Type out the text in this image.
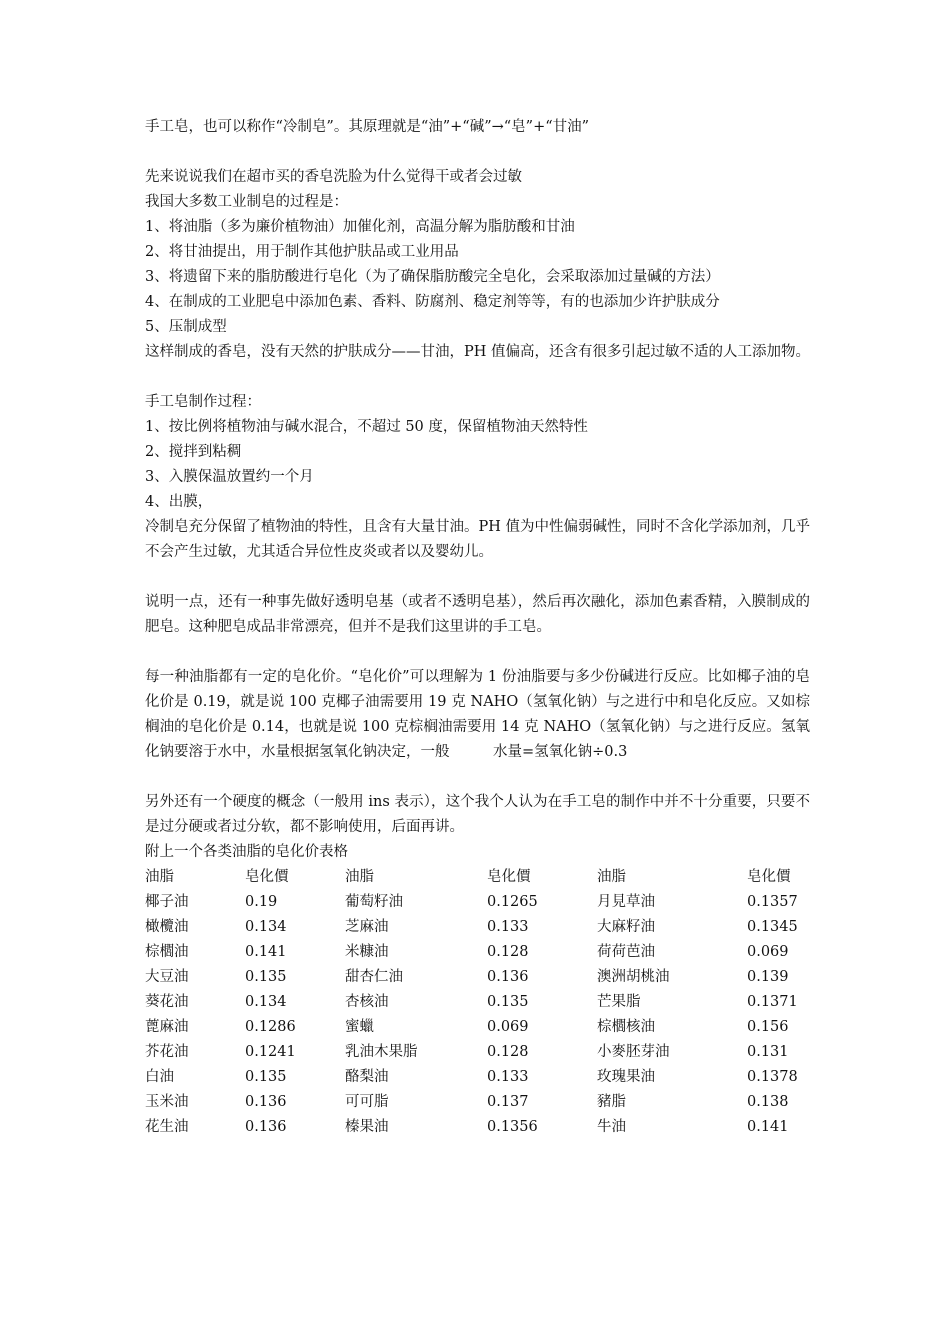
手工皂，也可以称作“冷制皂”。其原理就是“油”+“碱”→“皂”+“甘油”
先来说说我们在超市买的香皂洗脸为什么觉得干或者会过敏
我国大多数工业制皂的过程是：
1、将油脂（多为廉价植物油）加催化剂，高温分解为脂肪酸和甘油
2、将甘油提出，用于制作其他护肤品或工业用品
3、将遗留下来的脂肪酸进行皂化（为了确保脂肪酸完全皂化，会采取添加过量碱的方法）
4、在制成的工业肥皂中添加色素、香料、防腐剂、稳定剂等等，有的也添加少许护肤成分
5、压制成型
这样制成的香皂，没有天然的护肤成分——甘油，PH 值偏高，还含有很多引起过敏不适的人工添加物。
手工皂制作过程：
1、按比例将植物油与碱水混合，不超过 50 度，保留植物油天然特性
2、搅拌到粘稠
3、入膜保温放置约一个月
4、出膜，
冷制皂充分保留了植物油的特性，且含有大量甘油。PH 值为中性偏弱碱性，同时不含化学添加剂，几乎不会产生过敏，尤其适合异位性皮炎或者以及婴幼儿。
说明一点，还有一种事先做好透明皂基（或者不透明皂基），然后再次融化，添加色素香精，入膜制成的肥皂。这种肥皂成品非常漂亮，但并不是我们这里讲的手工皂。
每一种油脂都有一定的皂化价。“皂化价”可以理解为 1 份油脂要与多少份碱进行反应。比如椰子油的皂化价是 0.19，就是说 100 克椰子油需要用 19 克 NAHO（氢氧化钠）与之进行中和皂化反应。又如棕榈油的皂化价是 0.14，也就是说 100 克棕榈油需要用 14 克 NAHO（氢氧化钠）与之进行反应。氢氧化钠要溶于水中，水量根据氢氧化钠决定，一般　　　水量=氢氧化钠÷0.3
另外还有一个硬度的概念（一般用 ins 表示），这个我个人认为在手工皂的制作中并不十分重要，只要不是过分硬或者过分软，都不影响使用，后面再讲。
附上一个各类油脂的皂化价表格
油脂	皂化價	油脂	皂化價	油脂	皂化價
椰子油	0.19	葡萄籽油	0.1265	月見草油	0.1357
橄欖油	0.134	芝麻油	0.133	大麻籽油	0.1345
棕櫚油	0.141	米糠油	0.128	荷荷芭油	0.069
大豆油	0.135	甜杏仁油	0.136	澳洲胡桃油	0.139
葵花油	0.134	杏核油	0.135	芒果脂	0.1371
蓖麻油	0.1286	蜜蠟	0.069	棕櫚核油	0.156
芥花油	0.1241	乳油木果脂	0.128	小麥胚芽油	0.131
白油	0.135	酪梨油	0.133	玫瑰果油	0.1378
玉米油	0.136	可可脂	0.137	豬脂	0.138
花生油	0.136	榛果油	0.1356	牛油	0.141
